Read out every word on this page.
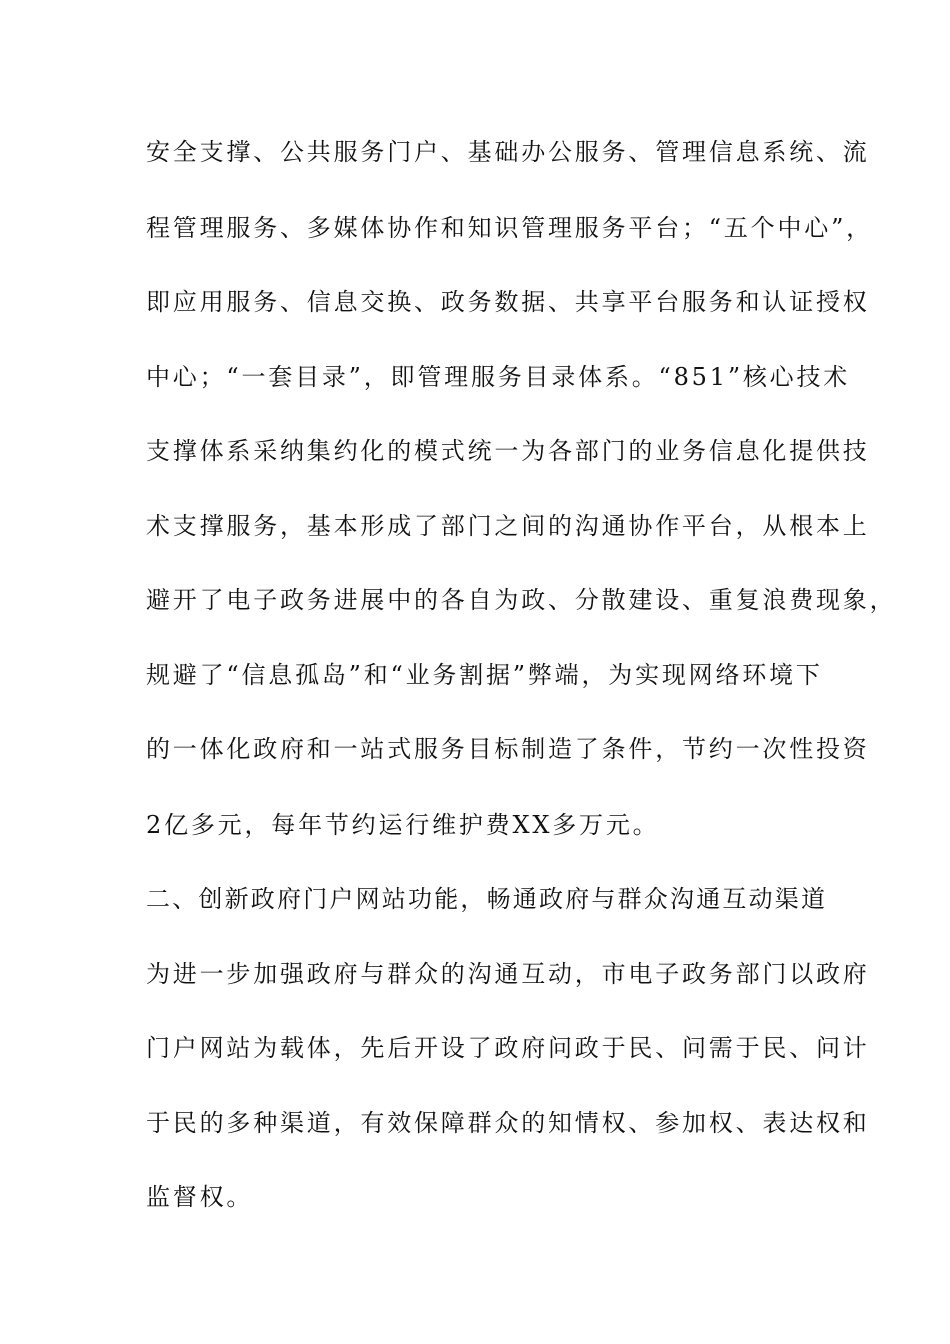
安全支撑、公共服务门户、基础办公服务、管理信息系统、流
程管理服务、多媒体协作和知识管理服务平台；“五个中心”，
即应用服务、信息交换、政务数据、共享平台服务和认证授权
中心；“一套目录”，即管理服务目录体系。“851”核心技术
支撑体系采纳集约化的模式统一为各部门的业务信息化提供技
术支撑服务，基本形成了部门之间的沟通协作平台，从根本上
避开了电子政务进展中的各自为政、分散建设、重复浪费现象，
规避了“信息孤岛”和“业务割据”弊端，为实现网络环境下
的一体化政府和一站式服务目标制造了条件，节约一次性投资
2亿多元，每年节约运行维护费XX多万元。
二、创新政府门户网站功能，畅通政府与群众沟通互动渠道
为进一步加强政府与群众的沟通互动，市电子政务部门以政府
门户网站为载体，先后开设了政府问政于民、问需于民、问计
于民的多种渠道，有效保障群众的知情权、参加权、表达权和
监督权。
